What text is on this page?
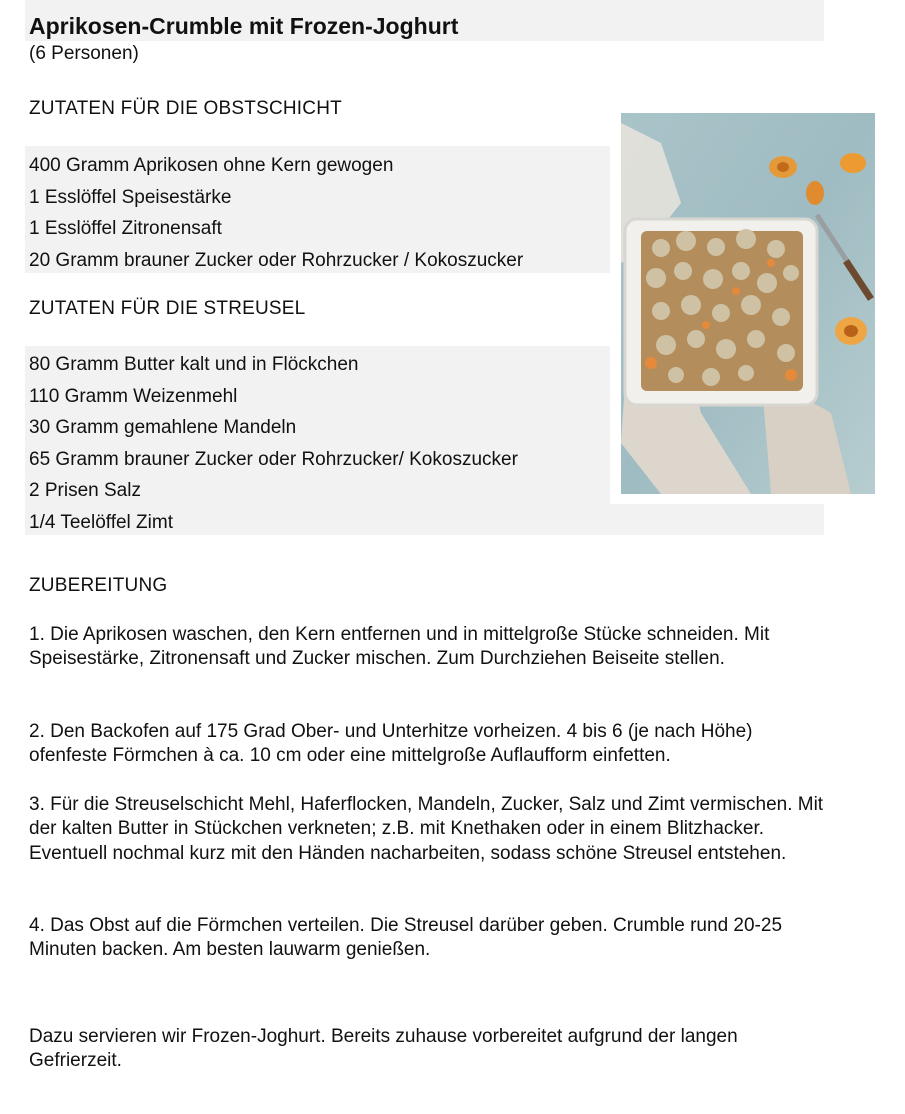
Aprikosen-Crumble mit Frozen-Joghurt
(6 Personen)
ZUTATEN FÜR DIE OBSTSCHICHT
400 Gramm Aprikosen ohne Kern gewogen
1 Esslöffel Speisestärke
1 Esslöffel Zitronensaft
20 Gramm brauner Zucker oder Rohrzucker / Kokoszucker
ZUTATEN FÜR DIE STREUSEL
80 Gramm Butter kalt und in Flöckchen
110 Gramm Weizenmehl
30 Gramm gemahlene Mandeln
65 Gramm brauner Zucker oder Rohrzucker/ Kokoszucker
2 Prisen Salz
1/4 Teelöffel Zimt
ZUBEREITUNG

1. Die Aprikosen waschen, den Kern entfernen und in mittelgroße Stücke schneiden. Mit Speisestärke, Zitronensaft und Zucker mischen. Zum Durchziehen Beiseite stellen.

2. Den Backofen auf 175 Grad Ober- und Unterhitze vorheizen. 4 bis 6 (je nach Höhe) ofenfeste Förmchen à ca. 10 cm oder eine mittelgroße Auflaufform einfetten.

3. Für die Streuselschicht Mehl, Haferflocken, Mandeln, Zucker, Salz und Zimt vermischen. Mit der kalten Butter in Stückchen verkneten; z.B. mit Knethaken oder in einem Blitzhacker. Eventuell nochmal kurz mit den Händen nacharbeiten, sodass schöne Streusel entstehen.

4. Das Obst auf die Förmchen verteilen. Die Streusel darüber geben. Crumble rund 20-25 Minuten backen. Am besten lauwarm genießen.

Dazu servieren wir Frozen-Joghurt. Bereits zuhause vorbereitet aufgrund der langen Gefrierzeit.
